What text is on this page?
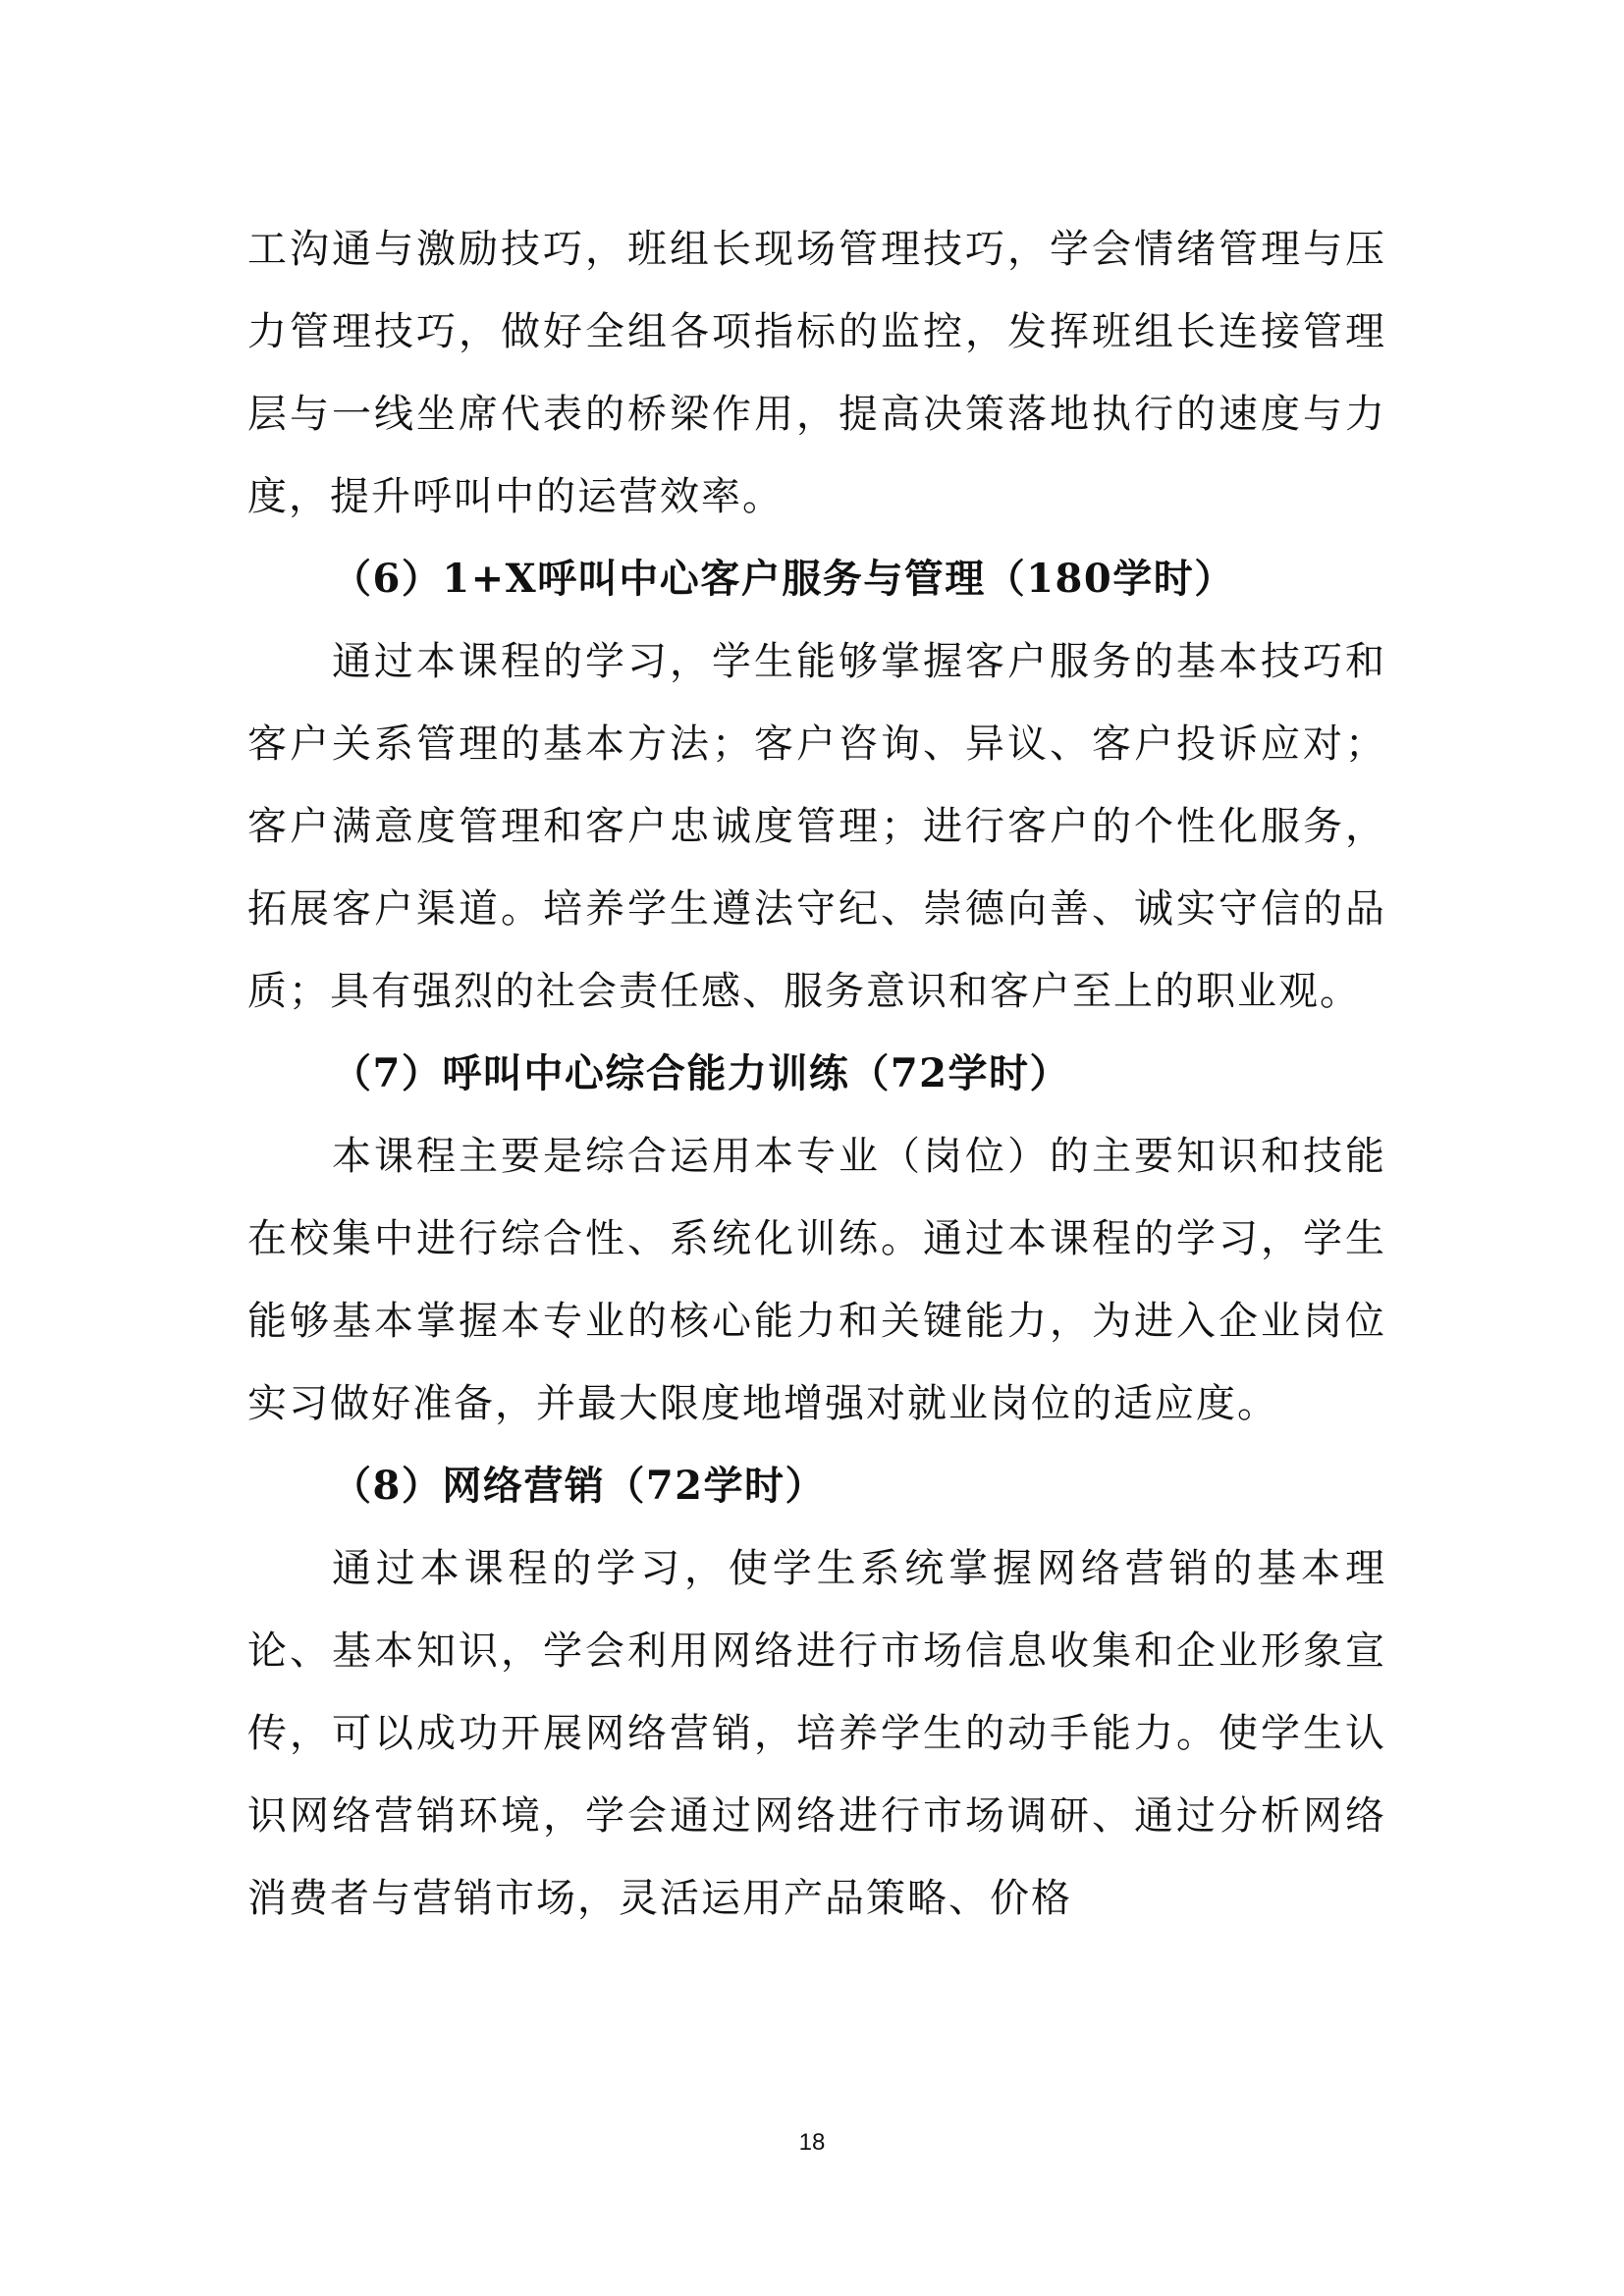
工沟通与激励技巧，班组长现场管理技巧，学会情绪管理与压力管理技巧，做好全组各项指标的监控，发挥班组长连接管理层与一线坐席代表的桥梁作用，提高决策落地执行的速度与力度，提升呼叫中的运营效率。

（6）1+X呼叫中心客户服务与管理（180学时）

通过本课程的学习，学生能够掌握客户服务的基本技巧和客户关系管理的基本方法；客户咨询、异议、客户投诉应对；客户满意度管理和客户忠诚度管理；进行客户的个性化服务，拓展客户渠道。培养学生遵法守纪、崇德向善、诚实守信的品质；具有强烈的社会责任感、服务意识和客户至上的职业观。

（7）呼叫中心综合能力训练（72学时）

本课程主要是综合运用本专业（岗位）的主要知识和技能在校集中进行综合性、系统化训练。通过本课程的学习，学生能够基本掌握本专业的核心能力和关键能力，为进入企业岗位实习做好准备，并最大限度地增强对就业岗位的适应度。

（8）网络营销（72学时）

通过本课程的学习，使学生系统掌握网络营销的基本理论、基本知识，学会利用网络进行市场信息收集和企业形象宣 传，可以成功开展网络营销，培养学生的动手能力。使学生认 识网络营销环境，学会通过网络进行市场调研、通过分析网络 消费者与营销市场，灵活运用产品策略、价格

18
